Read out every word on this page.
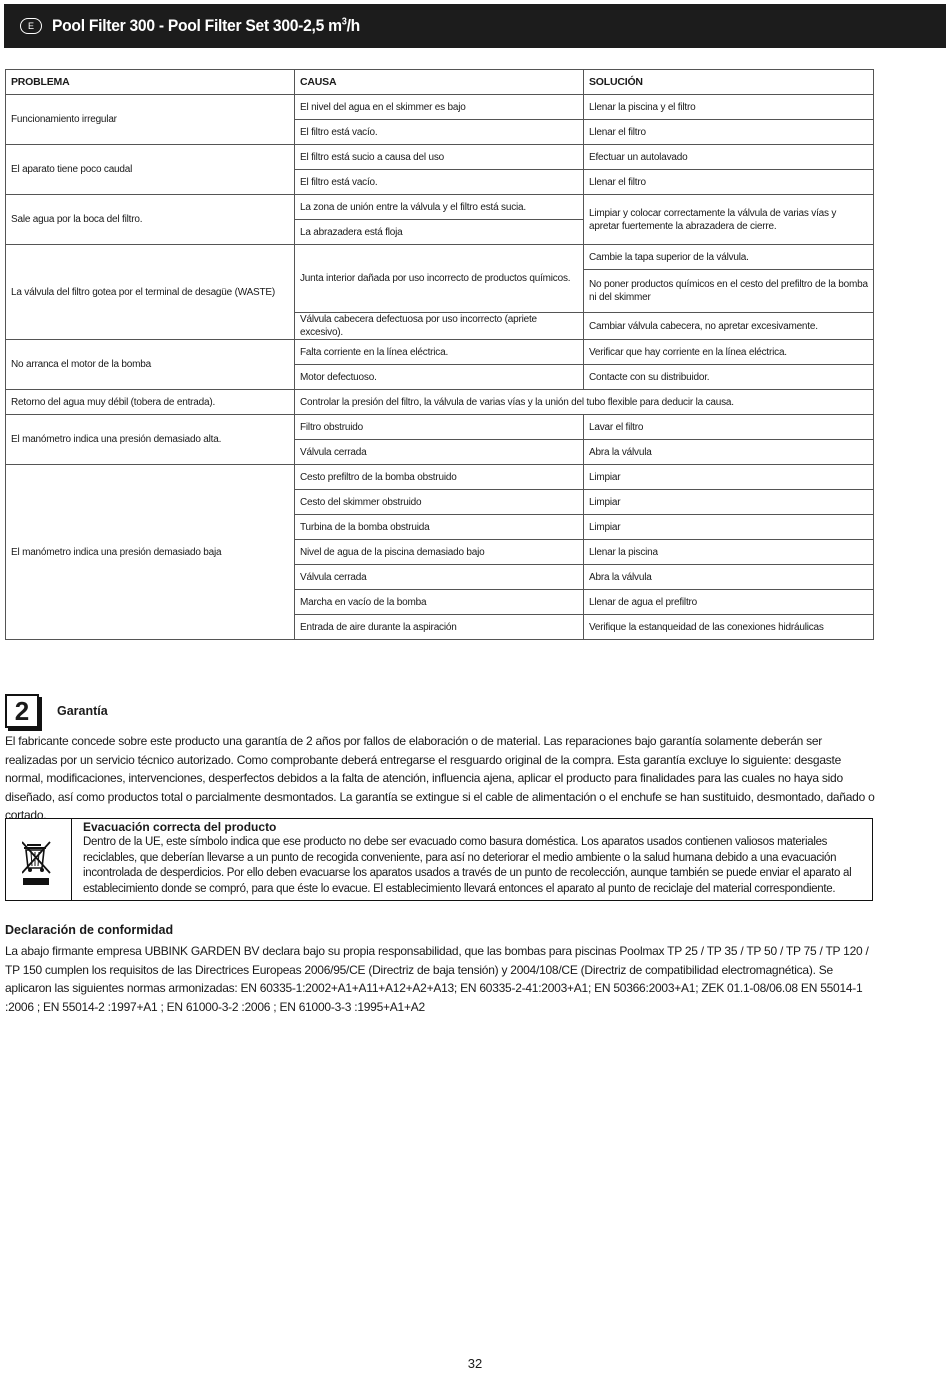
E	Pool Filter 300 - Pool Filter Set 300-2,5 $m^3/h$
PROBLEMA	CAUSA	SOLUCIÓN
Funcionamiento irregular	El nivel del agua en el skimmer es bajo	Llenar la piscina y el filtro
	El filtro está vacío.	Llenar el filtro
El aparato tiene poco caudal	El filtro está sucio a causa del uso	Efectuar un autolavado
	El filtro está vacío.	Llenar el filtro
Sale agua por la boca del filtro.	La zona de unión entre la válvula y el filtro está sucia.	Limpiar y colocar correctamente la válvula de varias vías y apretar fuertemente la abrazadera de cierre.
	La abrazadera está floja	
La válvula del filtro gotea por el terminal de desagüe (WASTE)	Junta interior dañada por uso incorrecto de productos químicos.	Cambie la tapa superior de la válvula.
		No poner productos químicos en el cesto del prefiltro de la bomba ni del skimmer
	Válvula cabecera defectuosa por uso incorrecto (apriete excesivo).	Cambiar válvula cabecera, no apretar excesivamente.
No arranca el motor de la bomba	Falta corriente en la línea eléctrica.	Verificar que hay corriente en la línea eléctrica.
	Motor defectuoso.	Contacte con su distribuidor.
Retorno del agua muy débil (tobera de entrada).	Controlar la presión del filtro, la válvula de varias vías y la unión del tubo flexible para deducir la causa.	
El manómetro indica una presión demasiado alta.	Filtro obstruido	Lavar el filtro
	Válvula cerrada	Abra la válvula
El manómetro indica una presión demasiado baja	Cesto prefiltro de la bomba obstruido	Limpiar
	Cesto del skimmer obstruido	Limpiar
	Turbina de la bomba obstruida	Limpiar
	Nivel de agua de la piscina demasiado bajo	Llenar la piscina
	Válvula cerrada	Abra la válvula
	Marcha en vacío de la bomba	Llenar de agua el prefiltro
	Entrada de aire durante la aspiración	Verifique la estanqueidad de las conexiones hidráulicas
2	Garantía
El fabricante concede sobre este producto una garantía de 2 años por fallos de elaboración o de material. Las reparaciones bajo garantía solamente deberán ser realizadas por un servicio técnico autorizado. Como comprobante deberá entregarse el resguardo original de la compra. Esta garantía excluye lo siguiente: desgaste normal, modificaciones, intervenciones, desperfectos debidos a la falta de atención, influencia ajena, aplicar el producto para finalidades para las cuales no haya sido diseñado, así como productos total o parcialmente desmontados. La garantía se extingue si el cable de alimentación o el enchufe se han sustituido, desmontado, dañado o cortado.
Evacuación correcta del producto
Dentro de la UE, este símbolo indica que ese producto no debe ser evacuado como basura doméstica. Los aparatos usados contienen valiosos materiales reciclables, que deberían llevarse a un punto de recogida conveniente, para así no deteriorar el medio ambiente o la salud humana debido a una evacuación incontrolada de desperdicios. Por ello deben evacuarse los aparatos usados a través de un punto de recolección, aunque también se puede enviar el aparato al establecimiento donde se compró, para que éste lo evacue. El establecimiento llevará entonces el aparato al punto de reciclaje del material correspondiente.
Declaración de conformidad
La abajo firmante empresa UBBINK GARDEN BV declara bajo su propia responsabilidad, que las bombas para piscinas Poolmax TP 25 / TP 35 / TP 50 / TP 75 / TP 120 / TP 150 cumplen los requisitos de las Directrices Europeas 2006/95/CE (Directriz de baja tensión) y 2004/108/CE (Directriz de compatibilidad electromagnética). Se aplicaron las siguientes normas armonizadas: EN 60335-1:2002+A1+A11+A12+A2+A13; EN 60335-2-41:2003+A1; EN 50366:2003+A1; ZEK 01.1-08/06.08 EN 55014-1 :2006 ; EN 55014-2 :1997+A1 ; EN 61000-3-2 :2006 ; EN 61000-3-3 :1995+A1+A2
32
